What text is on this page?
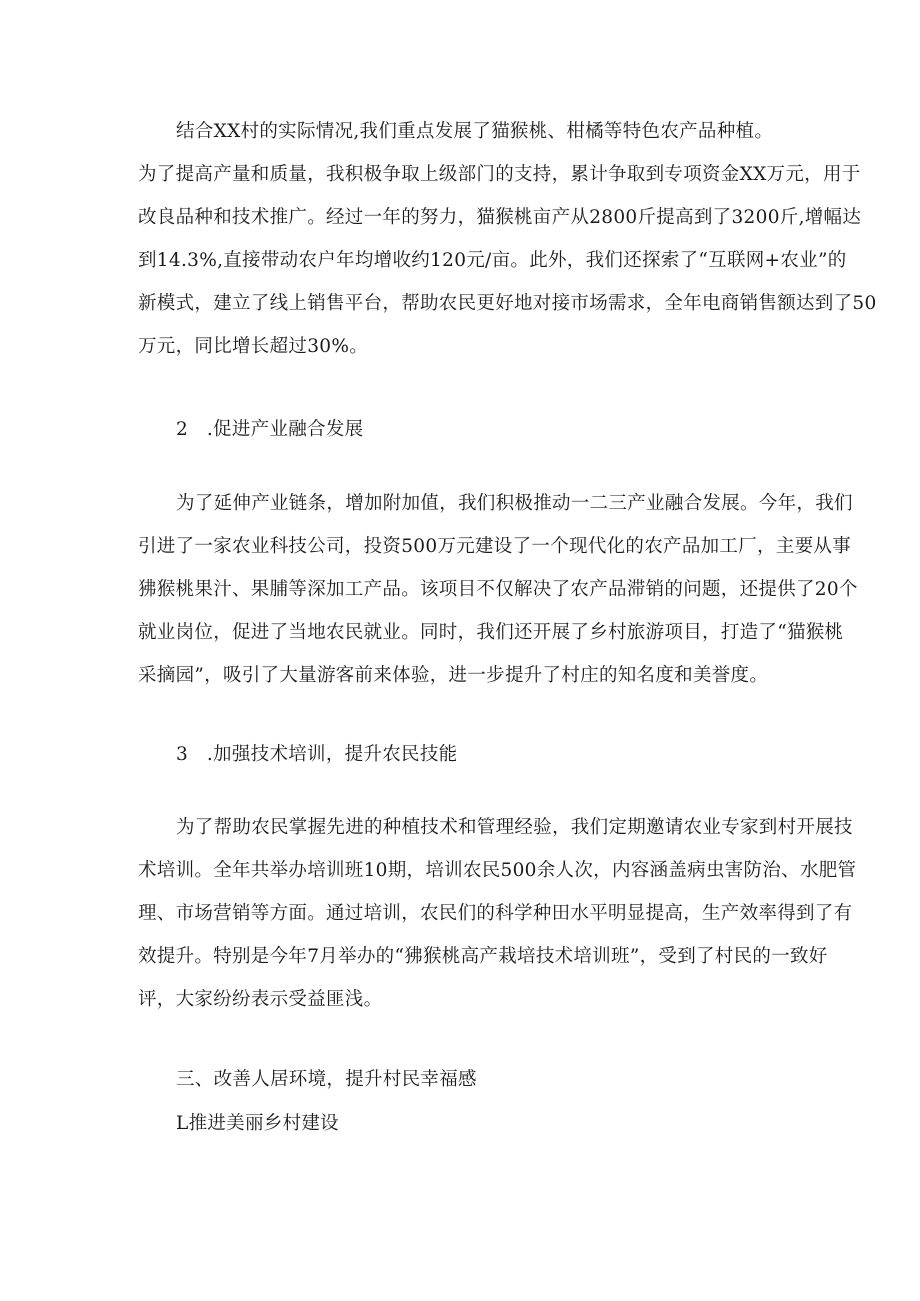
结合XX村的实际情况,我们重点发展了猫猴桃、柑橘等特色农产品种植。
为了提高产量和质量，我积极争取上级部门的支持，累计争取到专项资金XX万元，用于
改良品种和技术推广。经过一年的努力，猫猴桃亩产从2800斤提高到了3200斤,增幅达
到14.3%,直接带动农户年均增收约120元/亩。此外，我们还探索了“互联网+农业”的
新模式，建立了线上销售平台，帮助农民更好地对接市场需求，全年电商销售额达到了50
万元，同比增长超过30%。
2　.促进产业融合发展
为了延伸产业链条，增加附加值，我们积极推动一二三产业融合发展。今年，我们
引进了一家农业科技公司，投资500万元建设了一个现代化的农产品加工厂，主要从事
狒猴桃果汁、果脯等深加工产品。该项目不仅解决了农产品滞销的问题，还提供了20个
就业岗位，促进了当地农民就业。同时，我们还开展了乡村旅游项目，打造了“猫猴桃
采摘园”，吸引了大量游客前来体验，进一步提升了村庄的知名度和美誉度。
3　.加强技术培训，提升农民技能
为了帮助农民掌握先进的种植技术和管理经验，我们定期邀请农业专家到村开展技
术培训。全年共举办培训班10期，培训农民500余人次，内容涵盖病虫害防治、水肥管
理、市场营销等方面。通过培训，农民们的科学种田水平明显提高，生产效率得到了有
效提升。特别是今年7月举办的“狒猴桃高产栽培技术培训班”，受到了村民的一致好
评，大家纷纷表示受益匪浅。
三、改善人居环境，提升村民幸福感
L推进美丽乡村建设
